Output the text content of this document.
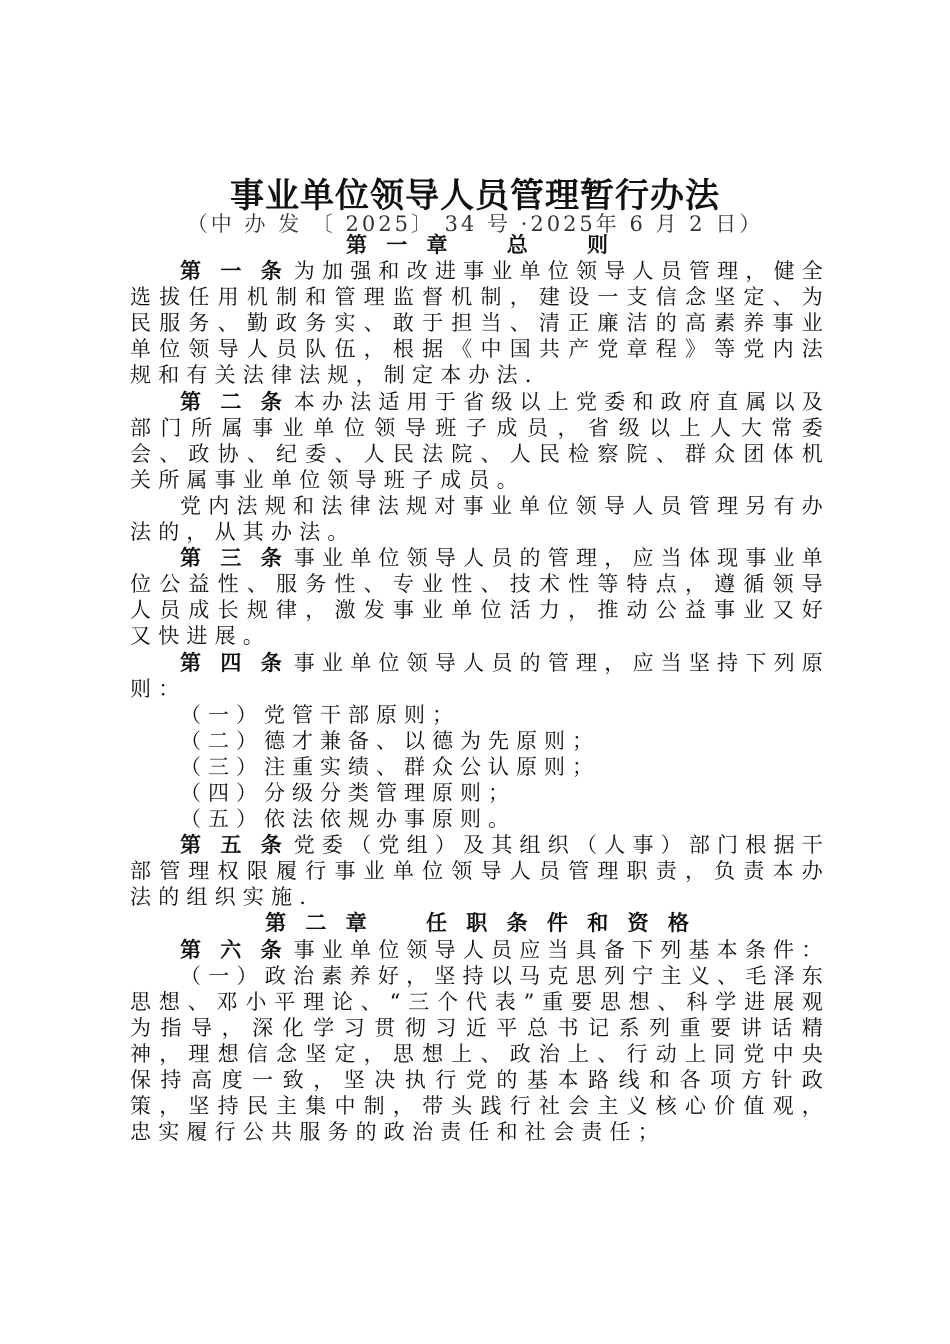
事业单位领导人员管理暂行办法
（中 办 发 〔 2025〕 34 号 ·2025年 6 月 2 日）

第 一 章    总    则

第 一 条 为加强和改进事业单位领导人员管理，健全选拔任用机制和管理监督机制，建设一支信念坚定、为民服务、勤政务实、敢于担当、清正廉洁的高素养事业单位领导人员队伍，根据《中国共产党章程》等党内法规和有关法律法规，制定本办法.

第 二 条 本办法适用于省级以上党委和政府直属以及部门所属事业单位领导班子成员，省级以上人大常委会、政协、纪委、人民法院、人民检察院、群众团体机关所属事业单位领导班子成员。

党内法规和法律法规对事业单位领导人员管理另有办法的，从其办法。

第 三 条 事业单位领导人员的管理，应当体现事业单位公益性、服务性、专业性、技术性等特点，遵循领导人员成长规律，激发事业单位活力，推动公益事业又好又快进展。

第 四 条 事业单位领导人员的管理，应当坚持下列原则：

（一）党管干部原则；

（二）德才兼备、以德为先原则；

（三）注重实绩、群众公认原则；

（四）分级分类管理原则；

（五）依法依规办事原则。

第 五 条 党委（党组）及其组织（人事）部门根据干部管理权限履行事业单位领导人员管理职责，负责本办法的组织实施.

第 二 章    任 职 条 件 和 资 格

第 六 条 事业单位领导人员应当具备下列基本条件：

（一）政治素养好，坚持以马克思列宁主义、毛泽东思想、邓小平理论、“三个代表”重要思想、科学进展观为指导，深化学习贯彻习近平总书记系列重要讲话精神，理想信念坚定，思想上、政治上、行动上同党中央保持高度一致，坚决执行党的基本路线和各项方针政策，坚持民主集中制，带头践行社会主义核心价值观，忠实履行公共服务的政治责任和社会责任；
